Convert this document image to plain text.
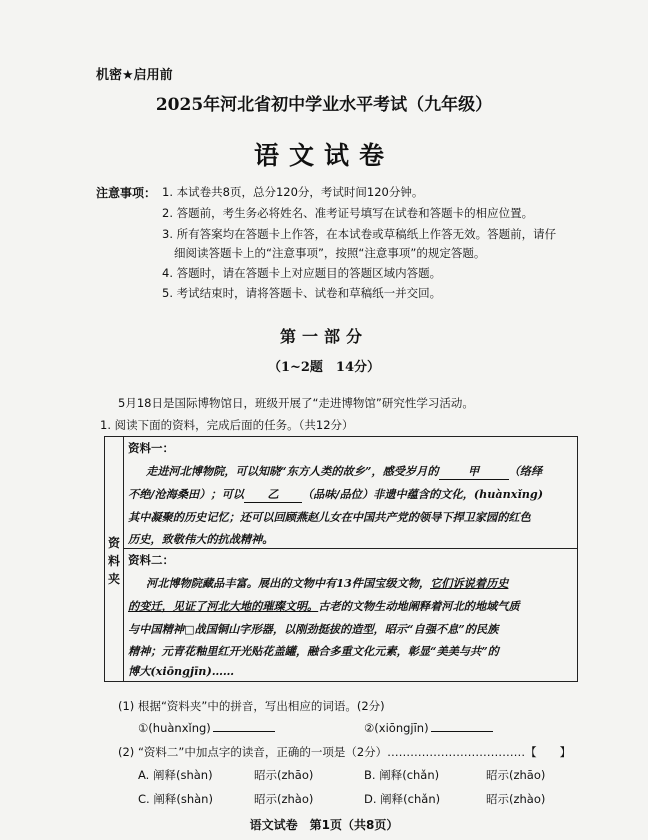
机密★启用前
2025年河北省初中学业水平考试（九年级）
语文试卷
注意事项： 1. 本试卷共8页，总分120分，考试时间120分钟。
2. 答题前，考生务必将姓名、准考证号填写在试卷和答题卡的相应位置。
3. 所有答案均在答题卡上作答，在本试卷或草稿纸上作答无效。答题前，请仔
细阅读答题卡上的“注意事项”，按照“注意事项”的规定答题。
4. 答题时，请在答题卡上对应题目的答题区域内答题。
5. 考试结束时，请将答题卡、试卷和草稿纸一并交回。
第一部分
（1~2题　14分）
5月18日是国际博物馆日，班级开展了“走进博物馆”研究性学习活动。
1. 阅读下面的资料，完成后面的任务。（共12分）
资
料
夹
资料一：
走进河北博物院，可以知晓“东方人类的故乡”，感受岁月的	甲	（络绎
不绝/沧海桑田）；可以 乙 （品味/品位）非遗中蕴含的文化，(huànxǐng)
其中凝聚的历史记忆；还可以回顾燕赵儿女在中国共产党的领导下捍卫家园的红色
历史，致敬伟大的抗战精神。
资料二：
河北博物院藏品丰富。展出的文物中有13件国宝级文物，它们诉说着历史
的变迁，见证了河北大地的璀璨文明。古老的文物生动地阐释着河北的地域气质
与中国精神□战国铜山字形器，以刚劲挺拔的造型，昭示“自强不息”的民族
精神；元青花釉里红开光贴花盖罐，融合多重文化元素，彰显“美美与共”的
博大(xiōngjīn)……
(1) 根据“资料夹”中的拼音，写出相应的词语。(2分)
①(huànxǐng)	②(xiōngjīn)
(2) “资料二”中加点字的读音，正确的一项是（2分）………………………………【　　】
A. 阐释(shàn)	昭示(zhāo)	B. 阐释(chǎn)	昭示(zhāo)
C. 阐释(shàn)	昭示(zhào)	D. 阐释(chǎn)	昭示(zhào)
语文试卷　第1页（共8页）
